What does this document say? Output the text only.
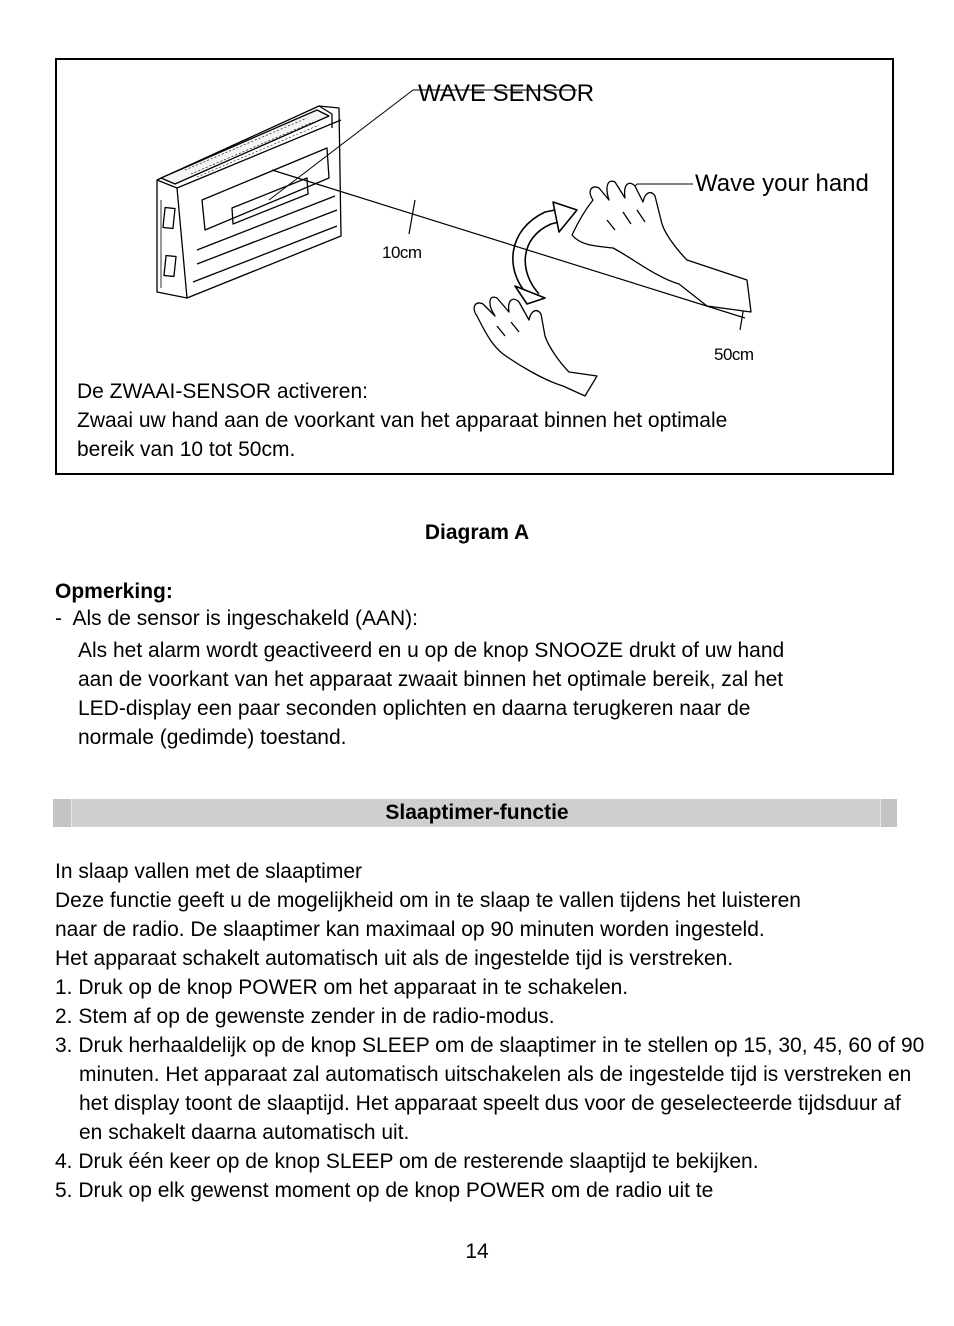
WAVE SENSOR
Wave your hand
10cm
50cm
De ZWAAI-SENSOR activeren:
Zwaai uw hand aan de voorkant van het apparaat binnen het optimale
bereik van 10 tot 50cm.
Diagram A
Opmerking:
-  Als de sensor is ingeschakeld (AAN):
Als het alarm wordt geactiveerd en u op de knop SNOOZE drukt of uw hand
aan de voorkant van het apparaat zwaait binnen het optimale bereik, zal het
LED-display een paar seconden oplichten en daarna terugkeren naar de
normale (gedimde) toestand.
Slaaptimer-functie

In slaap vallen met de slaaptimer

Deze functie geeft u de mogelijkheid om in te slaap te vallen tijdens het luisteren

naar de radio. De slaaptimer kan maximaal op 90 minuten worden ingesteld.

Het apparaat schakelt automatisch uit als de ingestelde tijd is verstreken.

1. Druk op de knop POWER om het apparaat in te schakelen.

2. Stem af op de gewenste zender in de radio-modus.

3. Druk herhaaldelijk op de knop SLEEP om de slaaptimer in te stellen op 15, 30, 45, 60 of 90 minuten. Het apparaat zal automatisch uitschakelen als de ingestelde tijd is verstreken en het display toont de slaaptijd. Het apparaat speelt dus voor de geselecteerde tijdsduur af en schakelt daarna automatisch uit.

4. Druk één keer op de knop SLEEP om de resterende slaaptijd te bekijken.

5. Druk op elk gewenst moment op de knop POWER om de radio uit te

14
